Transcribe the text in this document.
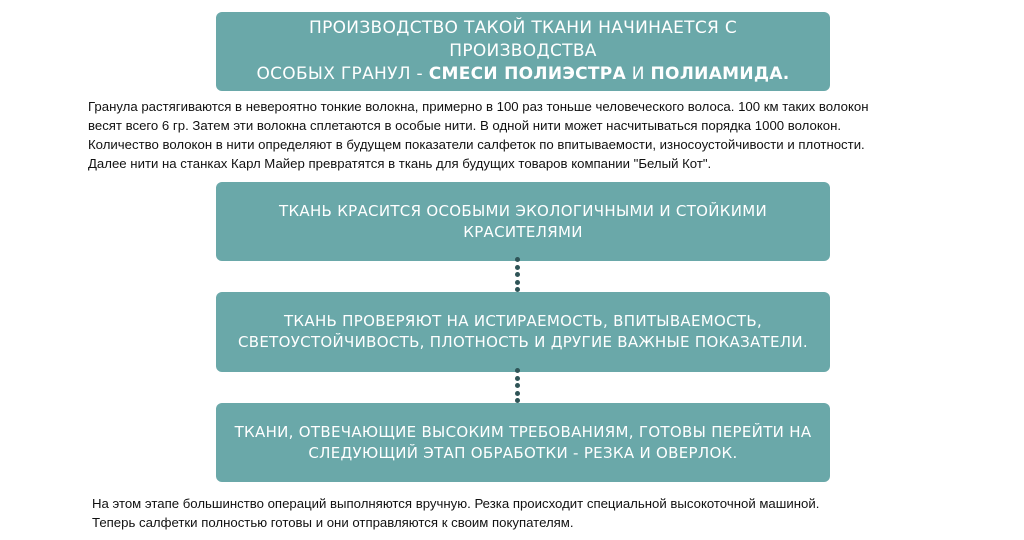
ПРОИЗВОДСТВО ТАКОЙ ТКАНИ НАЧИНАЕТСЯ С ПРОИЗВОДСТВА
ОСОБЫХ ГРАНУЛ - СМЕСИ ПОЛИЭСТРА И ПОЛИАМИДА.
Гранула растягиваются в невероятно тонкие волокна, примерно в 100 раз тоньше человеческого волоса. 100 км таких волокон
весят всего 6 гр. Затем эти волокна сплетаются в особые нити. В одной нити может насчитываться порядка 1000 волокон.
Количество волокон в нити определяют в будущем показатели салфеток по впитываемости, износоустойчивости и плотности.
Далее нити на станках Карл Майер превратятся в ткань для будущих товаров компании "Белый Кот".
ТКАНЬ КРАСИТСЯ ОСОБЫМИ ЭКОЛОГИЧНЫМИ И СТОЙКИМИ КРАСИТЕЛЯМИ
ТКАНЬ ПРОВЕРЯЮТ НА ИСТИРАЕМОСТЬ, ВПИТЫВАЕМОСТЬ,
СВЕТОУСТОЙЧИВОСТЬ, ПЛОТНОСТЬ И ДРУГИЕ ВАЖНЫЕ ПОКАЗАТЕЛИ.
ТКАНИ, ОТВЕЧАЮЩИЕ ВЫСОКИМ ТРЕБОВАНИЯМ, ГОТОВЫ ПЕРЕЙТИ НА
СЛЕДУЮЩИЙ ЭТАП ОБРАБОТКИ - РЕЗКА И ОВЕРЛОК.
На этом этапе большинство операций выполняются вручную. Резка происходит специальной высокоточной машиной.
Теперь салфетки полностью готовы и они отправляются к своим покупателям.
